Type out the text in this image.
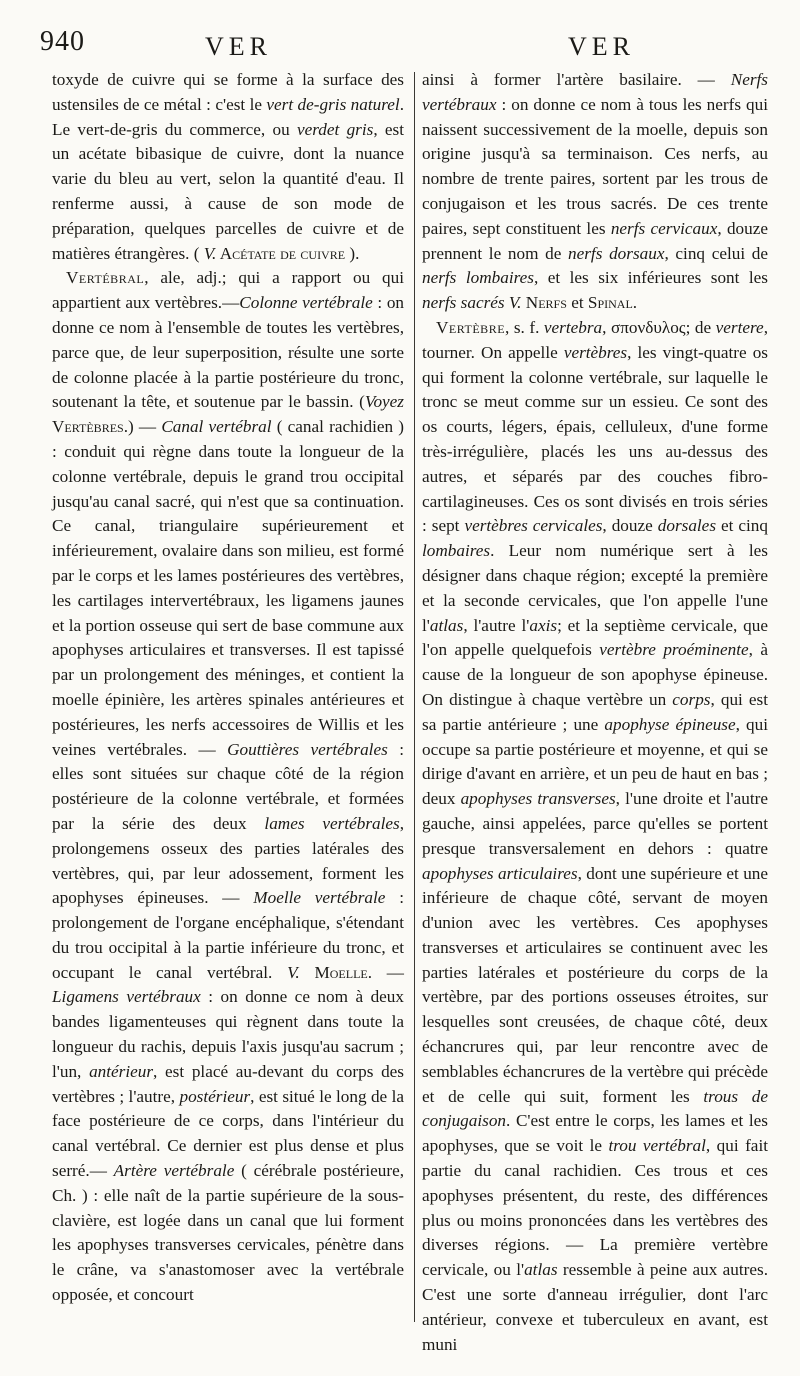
940	VER	VER

toxyde de cuivre qui se forme à la surface des ustensiles de ce métal : c'est le vert de-gris naturel. Le vert-de-gris du commerce, ou verdet gris, est un acétate bibasique de cuivre, dont la nuance varie du bleu au vert, selon la quantité d'eau. Il renferme aussi, à cause de son mode de préparation, quelques parcelles de cuivre et de matières étrangères. ( V. Acétate de cuivre ).

Vertébral, ale, adj.; qui a rapport ou qui appartient aux vertèbres.—Colonne vertébrale : on donne ce nom à l'ensemble de toutes les vertèbres, parce que, de leur superposition, résulte une sorte de colonne placée à la partie postérieure du tronc, soutenant la tête, et soutenue par le bassin. (Voyez Vertèbres.) — Canal vertébral ( canal rachidien ) : conduit qui règne dans toute la longueur de la colonne vertébrale, depuis le grand trou occipital jusqu'au canal sacré, qui n'est que sa continuation. Ce canal, triangulaire supérieurement et inférieurement, ovalaire dans son milieu, est formé par le corps et les lames postérieures des vertèbres, les cartilages intervertébraux, les ligamens jaunes et la portion osseuse qui sert de base commune aux apophyses articulaires et transverses. Il est tapissé par un prolongement des méninges, et contient la moelle épinière, les artères spinales antérieures et postérieures, les nerfs accessoires de Willis et les veines vertébrales. — Gouttières vertébrales : elles sont situées sur chaque côté de la région postérieure de la colonne vertébrale, et formées par la série des deux lames vertébrales, prolongemens osseux des parties latérales des vertèbres, qui, par leur adossement, forment les apophyses épineuses. — Moelle vertébrale : prolongement de l'organe encéphalique, s'étendant du trou occipital à la partie inférieure du tronc, et occupant le canal vertébral. V. Moelle. — Ligamens vertébraux : on donne ce nom à deux bandes ligamenteuses qui règnent dans toute la longueur du rachis, depuis l'axis jusqu'au sacrum ; l'un, antérieur, est placé au-devant du corps des vertèbres ; l'autre, postérieur, est situé le long de la face postérieure de ce corps, dans l'intérieur du canal vertébral. Ce dernier est plus dense et plus serré.— Artère vertébrale ( cérébrale postérieure, Ch. ) : elle naît de la partie supérieure de la sous-clavière, est logée dans un canal que lui forment les apophyses transverses cervicales, pénètre dans le crâne, va s'anastomoser avec la vertébrale opposée, et concourt

ainsi à former l'artère basilaire. — Nerfs vertébraux : on donne ce nom à tous les nerfs qui naissent successivement de la moelle, depuis son origine jusqu'à sa terminaison. Ces nerfs, au nombre de trente paires, sortent par les trous de conjugaison et les trous sacrés. De ces trente paires, sept constituent les nerfs cervicaux, douze prennent le nom de nerfs dorsaux, cinq celui de nerfs lombaires, et les six inférieures sont les nerfs sacrés V. Nerfs et Spinal.

Vertèbre, s. f. vertebra, σπονδυλος; de vertere, tourner. On appelle vertèbres, les vingt-quatre os qui forment la colonne vertébrale, sur laquelle le tronc se meut comme sur un essieu. Ce sont des os courts, légers, épais, celluleux, d'une forme très-irrégulière, placés les uns au-dessus des autres, et séparés par des couches fibro-cartilagineuses. Ces os sont divisés en trois séries : sept vertèbres cervicales, douze dorsales et cinq lombaires. Leur nom numérique sert à les désigner dans chaque région; excepté la première et la seconde cervicales, que l'on appelle l'une l'atlas, l'autre l'axis; et la septième cervicale, que l'on appelle quelquefois vertèbre proéminente, à cause de la longueur de son apophyse épineuse. On distingue à chaque vertèbre un corps, qui est sa partie antérieure ; une apophyse épineuse, qui occupe sa partie postérieure et moyenne, et qui se dirige d'avant en arrière, et un peu de haut en bas ; deux apophyses transverses, l'une droite et l'autre gauche, ainsi appelées, parce qu'elles se portent presque transversalement en dehors : quatre apophyses articulaires, dont une supérieure et une inférieure de chaque côté, servant de moyen d'union avec les vertèbres. Ces apophyses transverses et articulaires se continuent avec les parties latérales et postérieure du corps de la vertèbre, par des portions osseuses étroites, sur lesquelles sont creusées, de chaque côté, deux échancrures qui, par leur rencontre avec de semblables échancrures de la vertèbre qui précède et de celle qui suit, forment les trous de conjugaison. C'est entre le corps, les lames et les apophyses, que se voit le trou vertébral, qui fait partie du canal rachidien. Ces trous et ces apophyses présentent, du reste, des différences plus ou moins prononcées dans les vertèbres des diverses régions. — La première vertèbre cervicale, ou l'atlas ressemble à peine aux autres. C'est une sorte d'anneau irrégulier, dont l'arc antérieur, convexe et tuberculeux en avant, est muni
